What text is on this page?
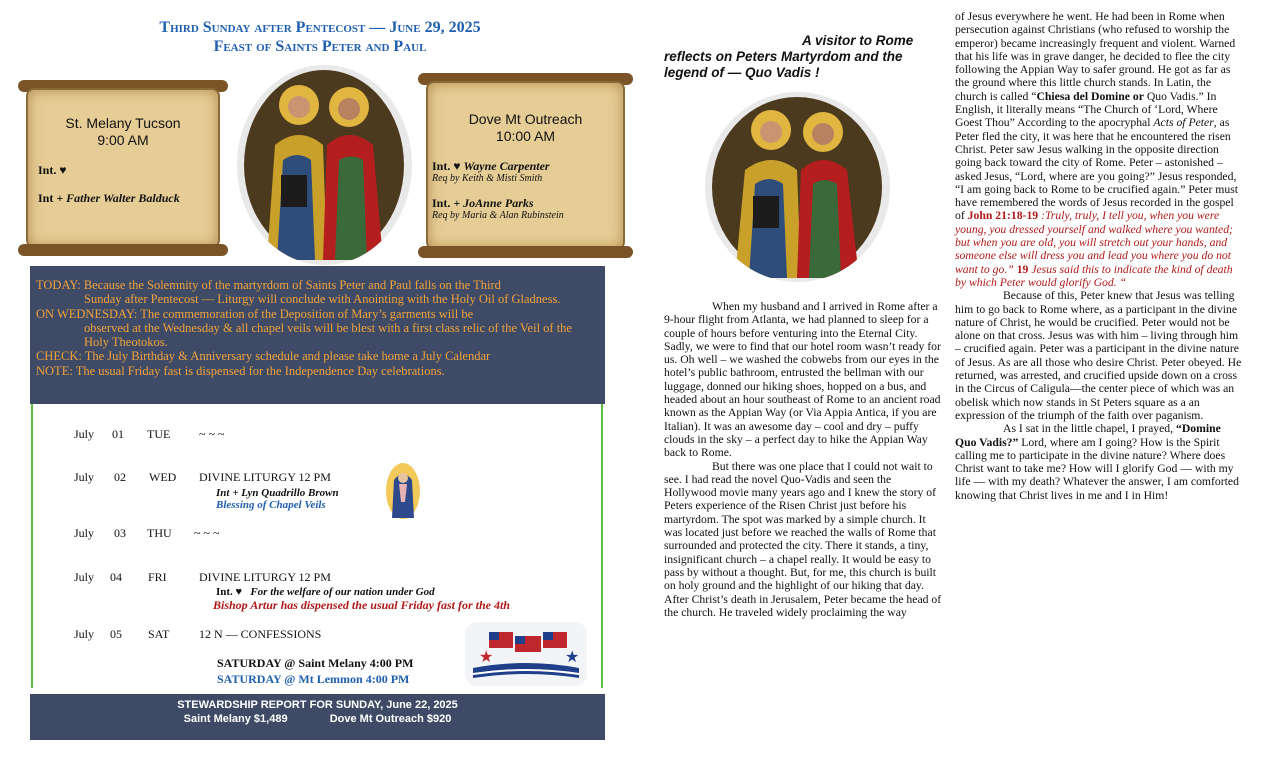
Third Sunday after Pentecost — June 29, 2025
Feast of Saints Peter and Paul
St. Melany Tucson
9:00 AM
Int. ♥
Int + Father Walter Balduck
Dove Mt Outreach
10:00 AM
Int. ♥ Wayne Carpenter
Req by Keith & Misti Smith
Int. + JoAnne Parks
Req by Maria & Alan Rubinstein

TODAY: Because the Solemnity of the martyrdom of Saints Peter and Paul falls on the Third

Sunday after Pentecost — Liturgy will conclude with Anointing with the Holy Oil of Gladness.

ON WEDNESDAY: The commemoration of the Deposition of Mary’s garments will be

observed at the Wednesday & all chapel veils will be blest with a first class relic of the Veil of the Holy Theotokos.

CHECK: The July Birthday & Anniversary schedule and please take home a July Calendar

NOTE: The usual Friday fast is dispensed for the Independence Day celebrations.

July 01 TUE ~ ~ ~
July 02 WED DIVINE LITURGY 12 PM
Int + Lyn Quadrillo Brown
Blessing of Chapel Veils
July 03 THU ~ ~ ~
July 04 FRI	DIVINE LITURGY 12 PM
Int. ♥ For the welfare of our nation under God
Bishop Artur has dispensed the usual Friday fast for the 4th
July 05 SAT 12 N — CONFESSIONS
SATURDAY @ Saint Melany 4:00 PM
SATURDAY @ Mt Lemmon 4:00 PM
★	★
STEWARDSHIP REPORT FOR SUNDAY, June 22, 2025
Saint Melany $1,489	Dove Mt Outreach $920
A visitor to Rome
reflects on Peters Martyrdom and the
legend of — Quo Vadis !

When my husband and I arrived in Rome after a 9-hour flight from Atlanta, we had planned to sleep for a couple of hours before venturing into the Eternal City. Sadly, we were to find that our hotel room wasn’t ready for us. Oh well – we washed the cobwebs from our eyes in the hotel’s public bathroom, entrusted the bellman with our luggage, donned our hiking shoes, hopped on a bus, and headed about an hour southeast of Rome to an ancient road known as the Appian Way (or Via Appia Antica, if you are Italian). It was an awesome day – cool and dry – puffy clouds in the sky – a perfect day to hike the Appian Way back to Rome.

But there was one place that I could not wait to see. I had read the novel Quo-Vadis and seen the Hollywood movie many years ago and I knew the story of Peters experience of the Risen Christ just before his martyrdom. The spot was marked by a simple church. It was located just before we reached the walls of Rome that surrounded and protected the city. There it stands, a tiny, insignificant church – a chapel really. It would be easy to pass by without a thought. But, for me, this church is built on holy ground and the highlight of our hiking that day. After Christ’s death in Jerusalem, Peter became the head of the church. He traveled widely proclaiming the way

of Jesus everywhere he went. He had been in Rome when persecution against Christians (who refused to worship the emperor) became increasingly frequent and violent. Warned that his life was in grave danger, he decided to flee the city following the Appian Way to safer ground. He got as far as the ground where this little church stands. In Latin, the church is called “Chiesa del Domine or Quo Vadis.” In English, it literally means “The Church of ‘Lord, Where Goest Thou” According to the apocryphal Acts of Peter, as Peter fled the city, it was here that he encountered the risen Christ. Peter saw Jesus walking in the opposite direction going back toward the city of Rome. Peter – astonished – asked Jesus, “Lord, where are you going?” Jesus responded, “I am going back to Rome to be crucified again.” Peter must have remembered the words of Jesus recorded in the gospel of John 21:18-19 :Truly, truly, I tell you, when you were young, you dressed yourself and walked where you wanted; but when you are old, you will stretch out your hands, and someone else will dress you and lead you where you do not want to go.” 19 Jesus said this to indicate the kind of death by which Peter would glorify God. “

Because of this, Peter knew that Jesus was telling him to go back to Rome where, as a participant in the divine nature of Christ, he would be crucified. Peter would not be alone on that cross. Jesus was with him – living through him – crucified again. Peter was a participant in the divine nature of Jesus. As are all those who desire Christ. Peter obeyed. He returned, was arrested, and crucified upside down on a cross in the Circus of Caligula—the center piece of which was an obelisk which now stands in St Peters square as a an expression of the triumph of the faith over paganism.

As I sat in the little chapel, I prayed, “Domine Quo Vadis?” Lord, where am I going? How is the Spirit calling me to participate in the divine nature? Where does Christ want to take me? How will I glorify God — with my life — with my death? Whatever the answer, I am comforted knowing that Christ lives in me and I in Him!
